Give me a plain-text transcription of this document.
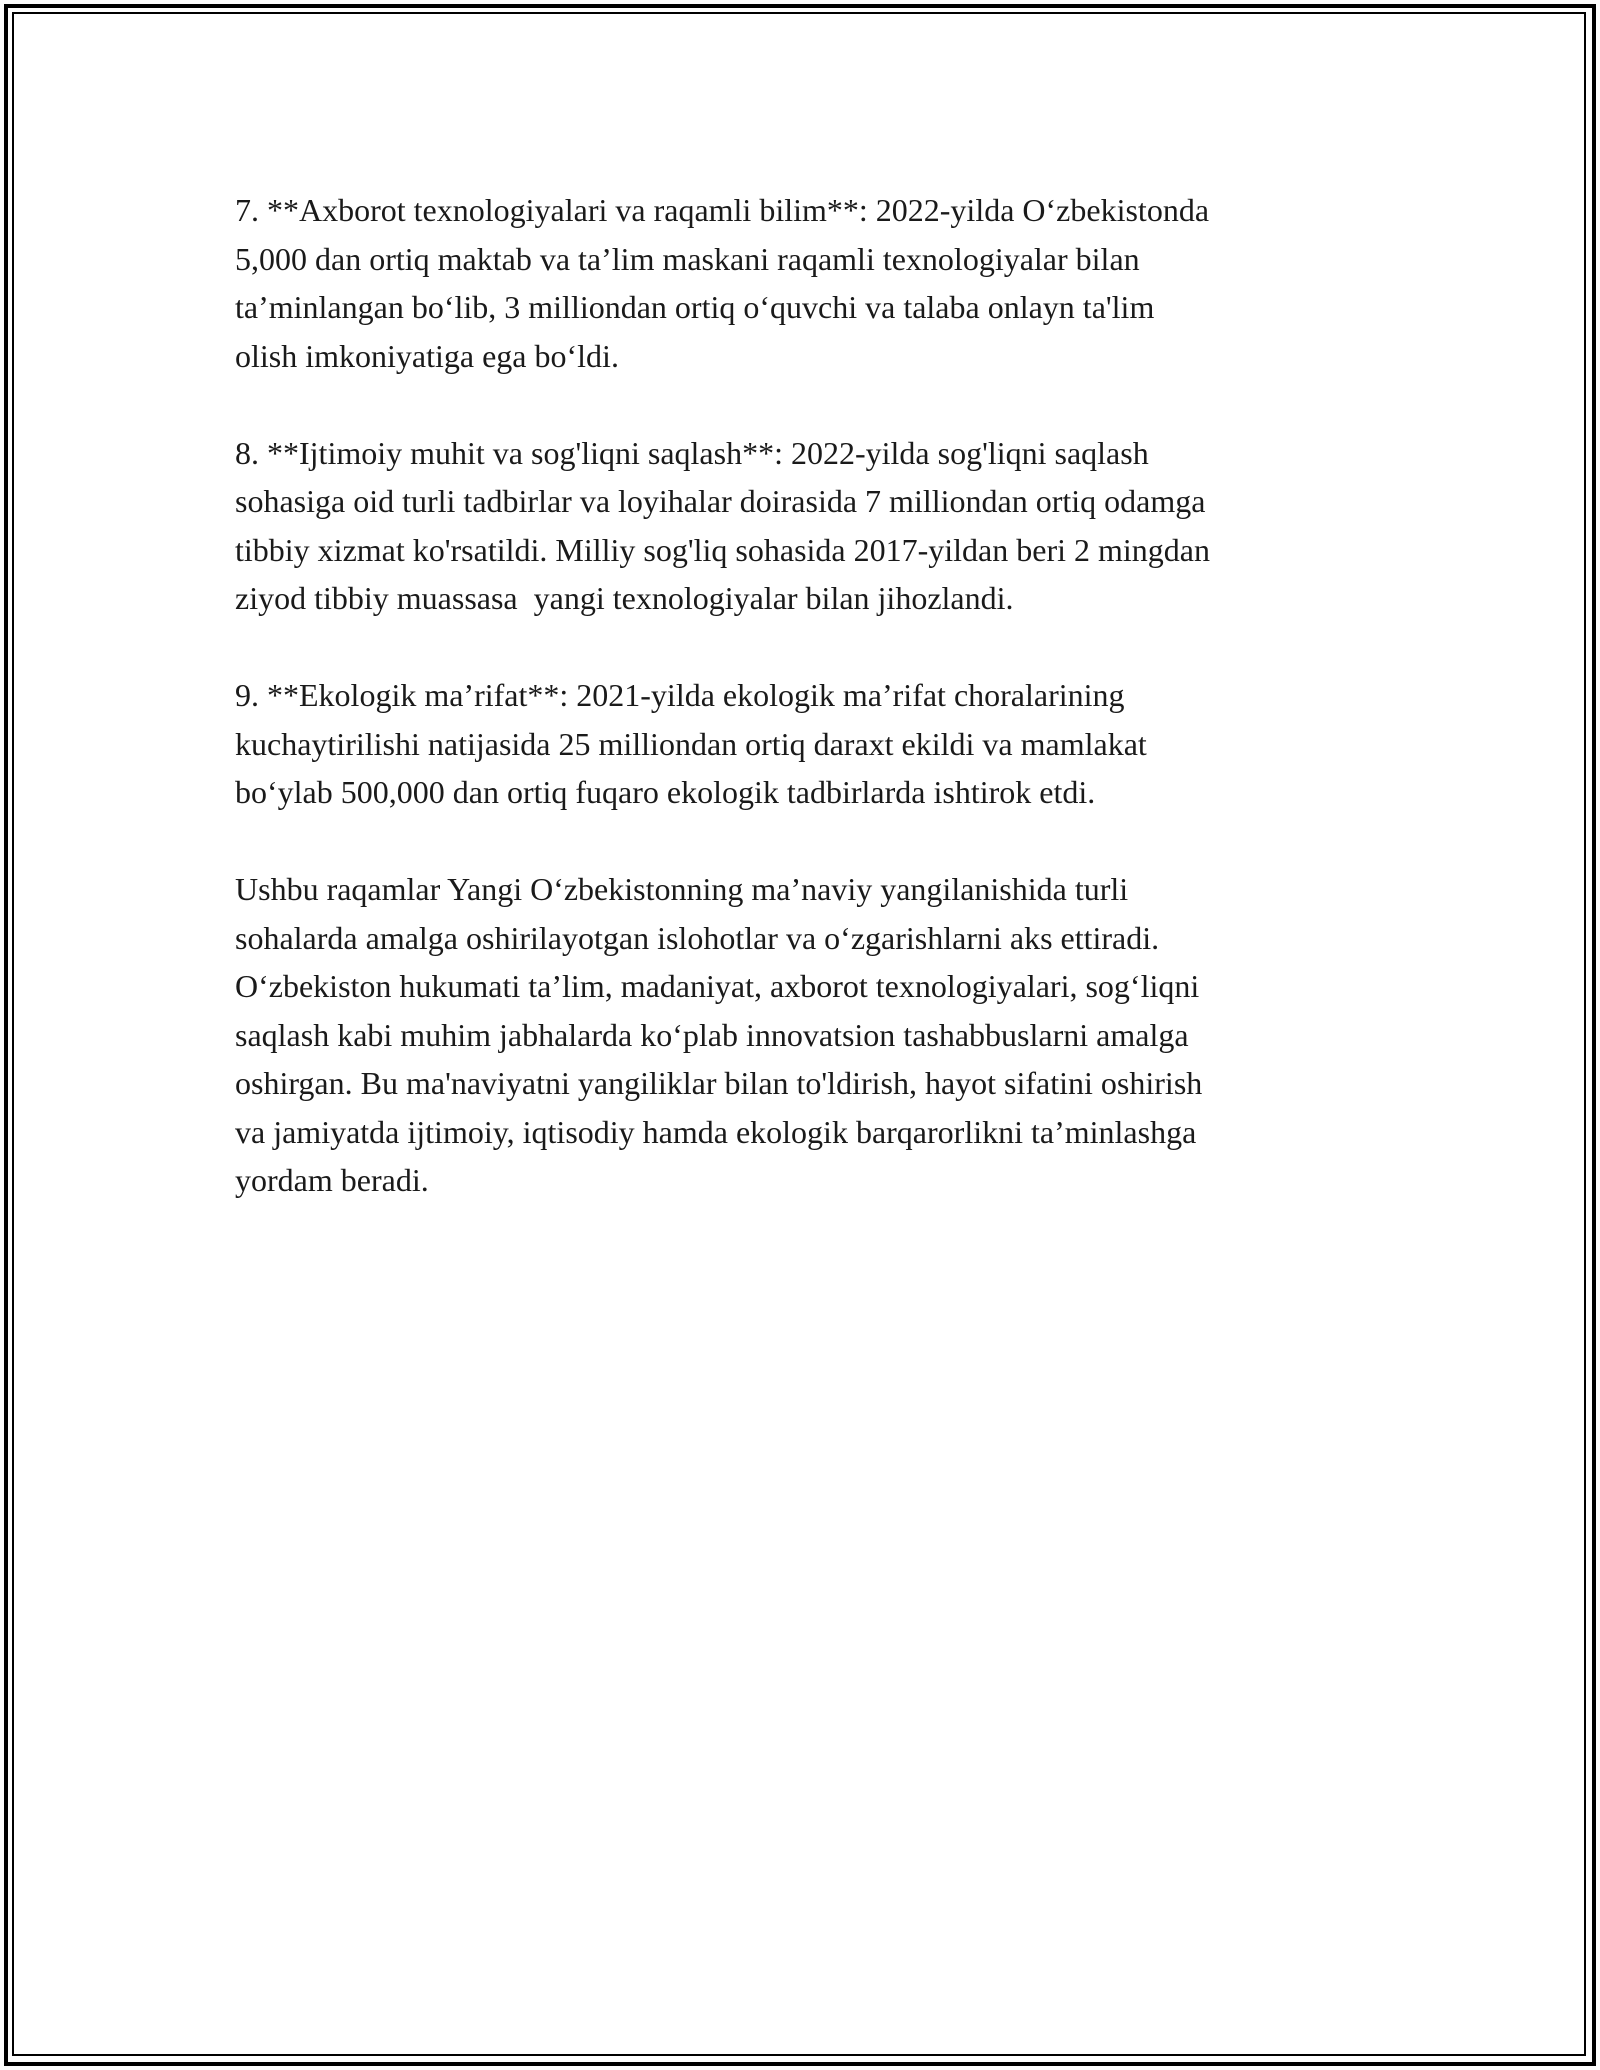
7. **Axborot texnologiyalari va raqamli bilim**: 2022-yilda O‘zbekistonda
5,000 dan ortiq maktab va ta’lim maskani raqamli texnologiyalar bilan
ta’minlangan bo‘lib, 3 milliondan ortiq o‘quvchi va talaba onlayn ta'lim
olish imkoniyatiga ega bo‘ldi.

8. **Ijtimoiy muhit va sog'liqni saqlash**: 2022-yilda sog'liqni saqlash
sohasiga oid turli tadbirlar va loyihalar doirasida 7 milliondan ortiq odamga
tibbiy xizmat ko'rsatildi. Milliy sog'liq sohasida 2017-yildan beri 2 mingdan
ziyod tibbiy muassasa  yangi texnologiyalar bilan jihozlandi.

9. **Ekologik ma’rifat**: 2021-yilda ekologik ma’rifat choralarining
kuchaytirilishi natijasida 25 milliondan ortiq daraxt ekildi va mamlakat
bo‘ylab 500,000 dan ortiq fuqaro ekologik tadbirlarda ishtirok etdi.

Ushbu raqamlar Yangi O‘zbekistonning ma’naviy yangilanishida turli
sohalarda amalga oshirilayotgan islohotlar va o‘zgarishlarni aks ettiradi.
O‘zbekiston hukumati ta’lim, madaniyat, axborot texnologiyalari, sog‘liqni
saqlash kabi muhim jabhalarda ko‘plab innovatsion tashabbuslarni amalga
oshirgan. Bu ma'naviyatni yangiliklar bilan to'ldirish, hayot sifatini oshirish
va jamiyatda ijtimoiy, iqtisodiy hamda ekologik barqarorlikni ta’minlashga
yordam beradi.
